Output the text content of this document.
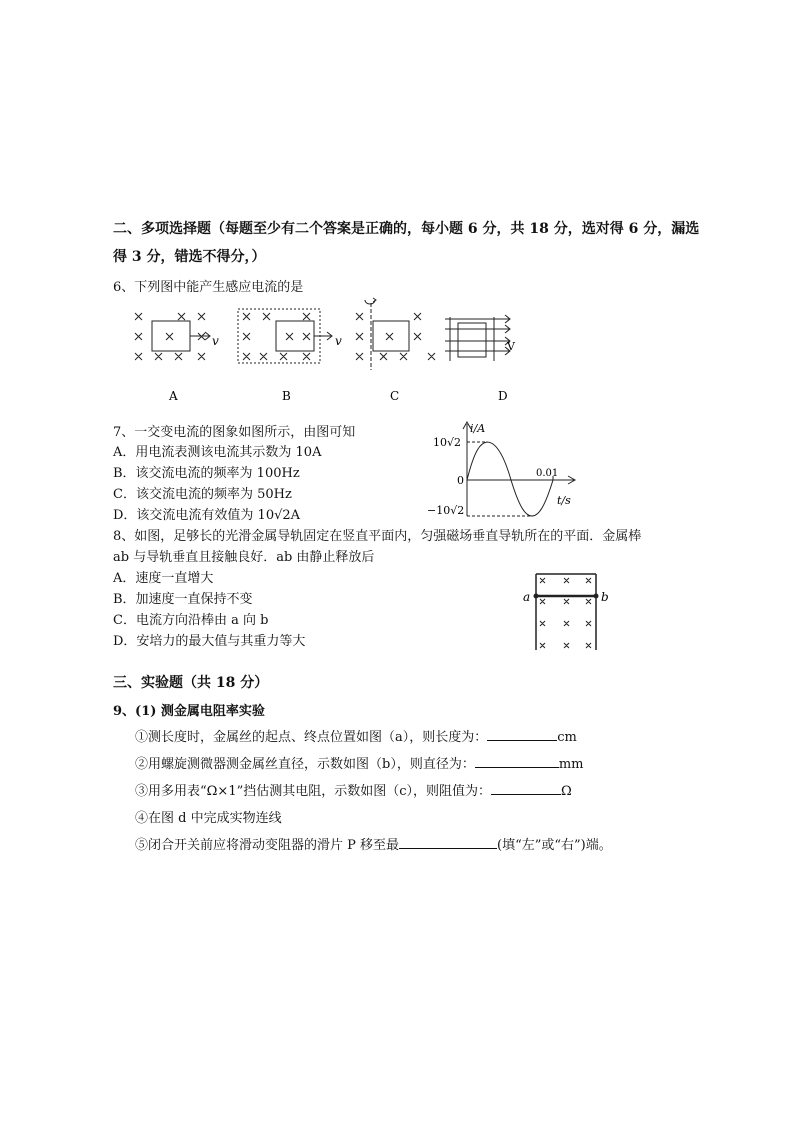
二、多项选择题（每题至少有二个答案是正确的，每小题 6 分，共 18 分，选对得 6 分，漏选
得 3 分，错选不得分，）
6、下列图中能产生感应电流的是
v	v	V
A	B	C	D
7、一交变电流的图象如图所示，由图可知
A．用电流表测该电流其示数为 10A
B．该交流电流的频率为 100Hz
C．该交流电流的频率为 50Hz
D．该交流电流有效值为 10√2A
i/A
10√2
0
0.01
t/s
−10√2
8、如图，足够长的光滑金属导轨固定在竖直平面内，匀强磁场垂直导轨所在的平面．金属棒
ab 与导轨垂直且接触良好．ab 由静止释放后
A．速度一直增大
B．加速度一直保持不变
C．电流方向沿棒由 a 向 b
D．安培力的最大值与其重力等大
a	b
三、实验题（共 18 分）
9、(1) 测金属电阻率实验
①测长度时，金属丝的起点、终点位置如图（a），则长度为：	cm
②用螺旋测微器测金属丝直径，示数如图（b），则直径为：	mm
③用多用表“Ω×1”挡估测其电阻，示数如图（c），则阻值为：	Ω
④在图 d 中完成实物连线
⑤闭合开关前应将滑动变阻器的滑片 P 移至最	(填“左”或“右”)端。
